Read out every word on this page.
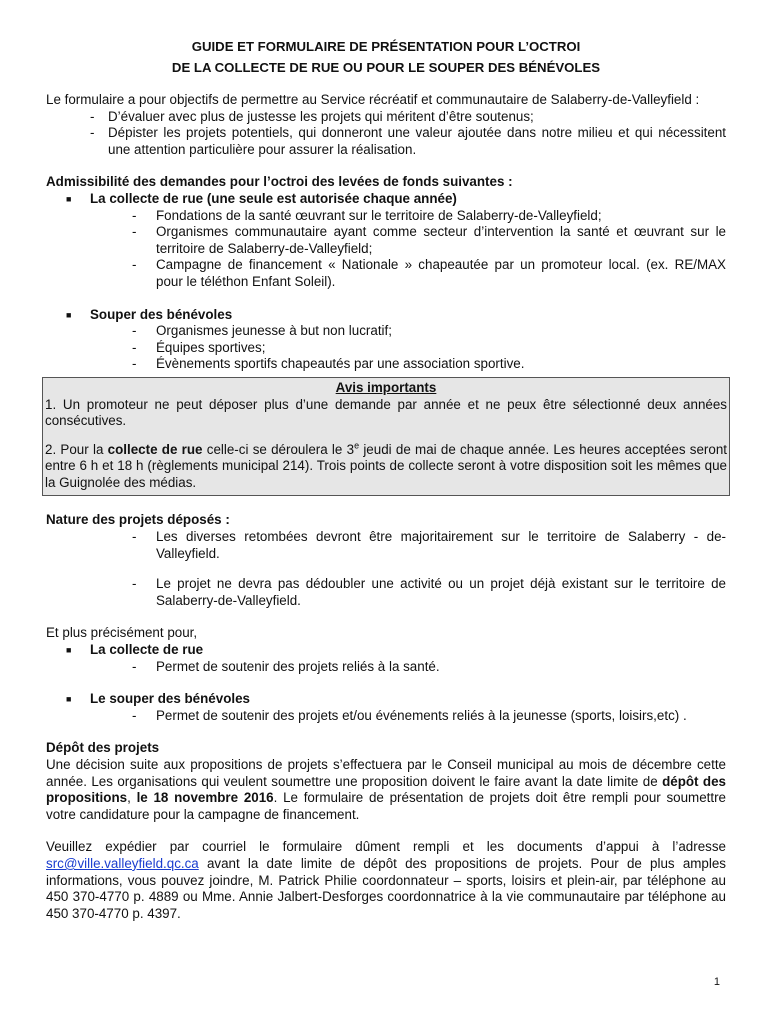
GUIDE ET FORMULAIRE DE PRÉSENTATION POUR L’OCTROI
DE LA COLLECTE DE RUE OU POUR LE SOUPER DES BÉNÉVOLES

Le formulaire a pour objectifs de permettre au Service récréatif et communautaire de Salaberry-de-Valleyfield :

- D’évaluer avec plus de justesse les projets qui méritent d’être soutenus;
- Dépister les projets potentiels, qui donneront une valeur ajoutée dans notre milieu et qui nécessitent une attention particulière pour assurer la réalisation.
Admissibilité des demandes pour l’octroi des levées de fonds suivantes :
■ La collecte de rue (une seule est autorisée chaque année)
- Fondations de la santé œuvrant sur le territoire de Salaberry-de-Valleyfield;
- Organismes communautaire ayant comme secteur d’intervention la santé et œuvrant sur le territoire de Salaberry-de-Valleyfield;
- Campagne de financement « Nationale » chapeautée par un promoteur local. (ex. RE/MAX pour le téléthon Enfant Soleil).
■ Souper des bénévoles
- Organismes jeunesse à but non lucratif;
- Équipes sportives;
- Évènements sportifs chapeautés par une association sportive.
Avis importants

1. Un promoteur ne peut déposer plus d’une demande par année et ne peux être sélectionné deux années consécutives.

2. Pour la collecte de rue celle-ci se déroulera le 3e jeudi de mai de chaque année. Les heures acceptées seront entre 6 h et 18 h (règlements municipal 214). Trois points de collecte seront à votre disposition soit les mêmes que la Guignolée des médias.

Nature des projets déposés :
- Les diverses retombées devront être majoritairement sur le territoire de Salaberry - de-Valleyfield.
- Le projet ne devra pas dédoubler une activité ou un projet déjà existant sur le territoire de Salaberry-de-Valleyfield.

Et plus précisément pour,

■ La collecte de rue
- Permet de soutenir des projets reliés à la santé.
■ Le souper des bénévoles
- Permet de soutenir des projets et/ou événements reliés à la jeunesse (sports, loisirs,etc) .
Dépôt des projets

Une décision suite aux propositions de projets s’effectuera par le Conseil municipal au mois de décembre cette année. Les organisations qui veulent soumettre une proposition doivent le faire avant la date limite de dépôt des propositions, le 18 novembre 2016. Le formulaire de présentation de projets doit être rempli pour soumettre votre candidature pour la campagne de financement.

Veuillez expédier par courriel le formulaire dûment rempli et les documents d’appui à l’adresse src@ville.valleyfield.qc.ca avant la date limite de dépôt des propositions de projets. Pour de plus amples informations, vous pouvez joindre, M. Patrick Philie coordonnateur – sports, loisirs et plein-air, par téléphone au 450 370-4770 p. 4889 ou Mme. Annie Jalbert-Desforges coordonnatrice à la vie communautaire par téléphone au 450 370-4770 p. 4397.

1
